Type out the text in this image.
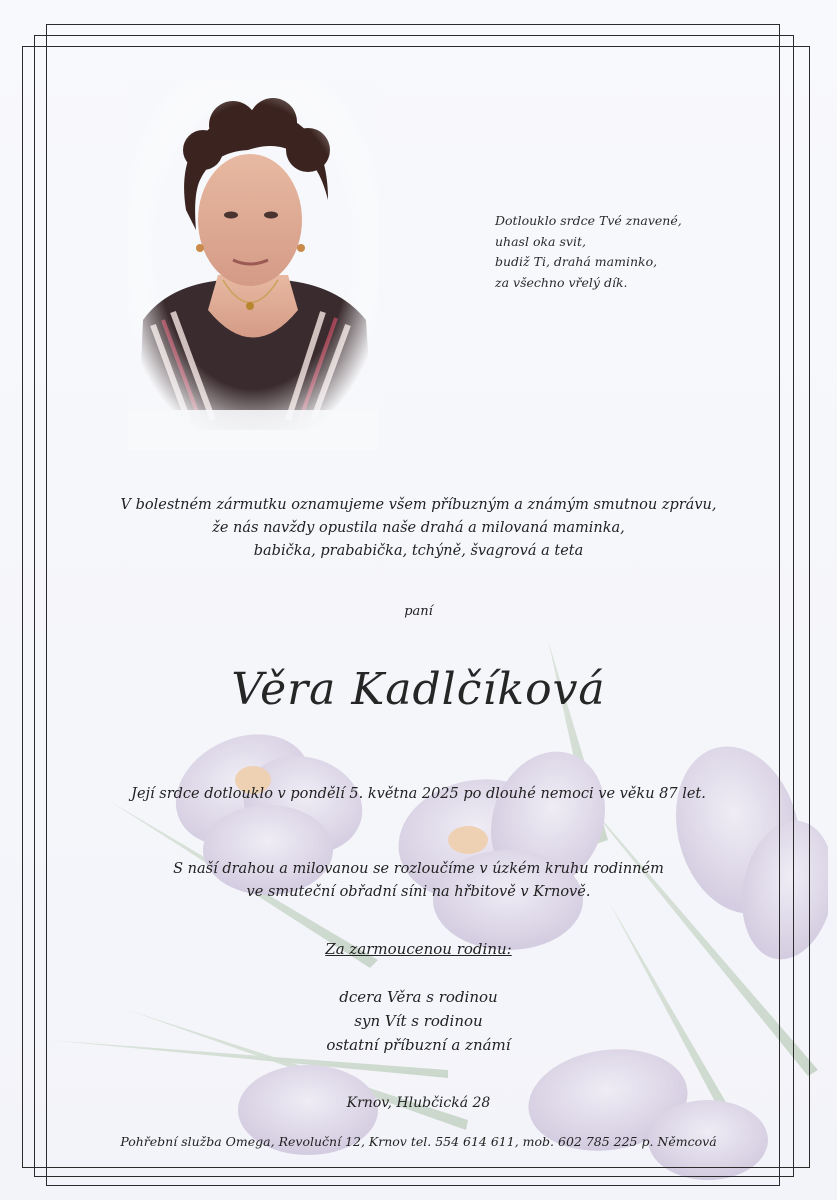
Dotlouklo srdce Tvé znavené,
uhasl oka svit,
budiž Ti, drahá maminko,
za všechno vřelý dík.
V bolestném zármutku oznamujeme všem příbuzným a známým smutnou zprávu,
že nás navždy opustila naše drahá a milovaná maminka,
babička, prababička, tchýně, švagrová a teta
paní
Věra Kadlčíková
Její srdce dotlouklo v pondělí 5. května 2025 po dlouhé nemoci ve věku 87 let.
S naší drahou a milovanou se rozloučíme v úzkém kruhu rodinném
ve smuteční obřadní síni na hřbitově v Krnově.
Za zarmoucenou rodinu:
dcera Věra s rodinou
syn Vít s rodinou
ostatní příbuzní a známí
Krnov, Hlubčická 28
Pohřební služba Omega, Revoluční 12, Krnov tel. 554 614 611, mob. 602 785 225 p. Němcová
